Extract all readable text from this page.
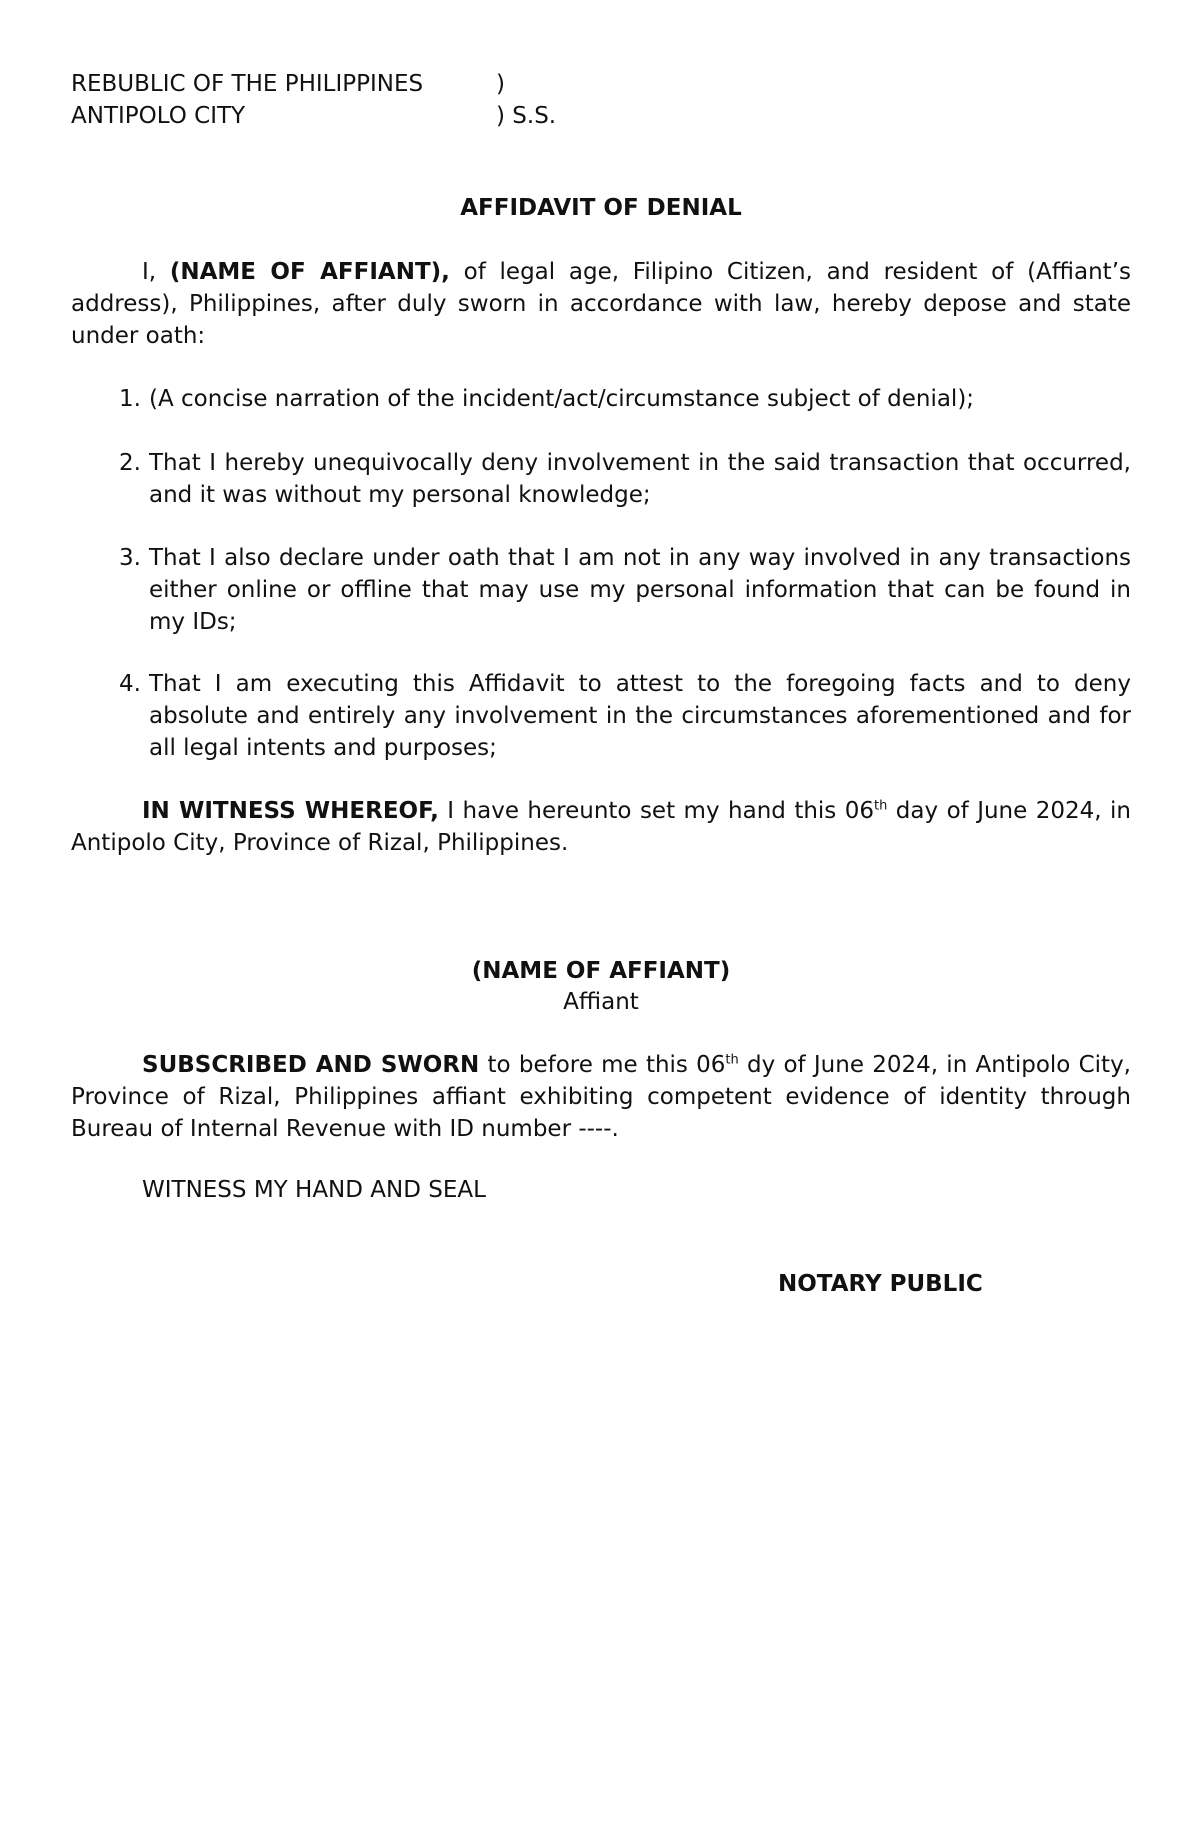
REBUBLIC OF THE PHILIPPINES	)
ANTIPOLO CITY	) S.S.
AFFIDAVIT OF DENIAL

I, (NAME OF AFFIANT), of legal age, Filipino Citizen, and resident of (Affiant’s address), Philippines, after duly sworn in accordance with law, hereby depose and state under oath:

1. (A concise narration of the incident/act/circumstance subject of denial);
2. That I hereby unequivocally deny involvement in the said transaction that occurred, and it was without my personal knowledge;
3. That I also declare under oath that I am not in any way involved in any transactions either online or offline that may use my personal information that can be found in my IDs;
4. That I am executing this Affidavit to attest to the foregoing facts and to deny absolute and entirely any involvement in the circumstances aforementioned and for all legal intents and purposes;

IN WITNESS WHEREOF, I have hereunto set my hand this 06th day of June 2024, in Antipolo City, Province of Rizal, Philippines.

(NAME OF AFFIANT)
Affiant

SUBSCRIBED AND SWORN to before me this 06th dy of June 2024, in Antipolo City, Province of Rizal, Philippines affiant exhibiting competent evidence of identity through Bureau of Internal Revenue with ID number ----.

WITNESS MY HAND AND SEAL
NOTARY PUBLIC
